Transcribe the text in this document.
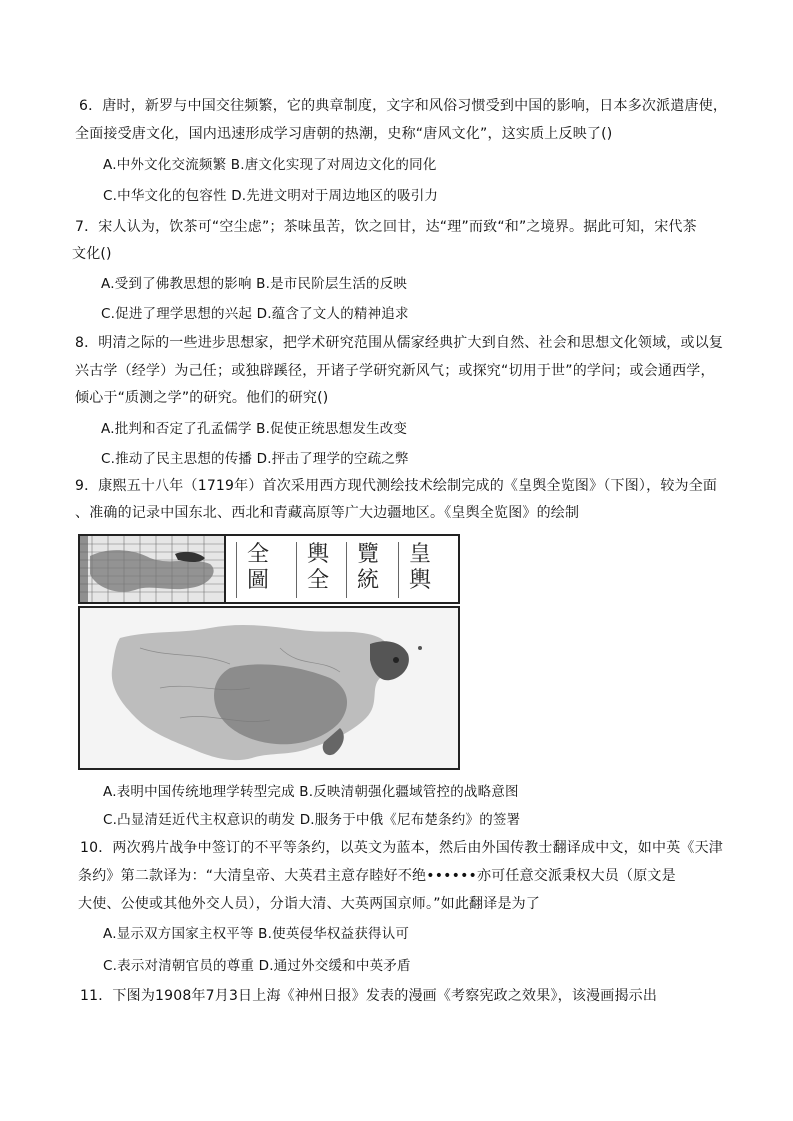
6．唐时，新罗与中国交往频繁，它的典章制度，文字和风俗习惯受到中国的影响，日本多次派遣唐使，
全面接受唐文化，国内迅速形成学习唐朝的热潮，史称“唐风文化”，这实质上反映了()
A.中外文化交流频繁 B.唐文化实现了对周边文化的同化
C.中华文化的包容性 D.先进文明对于周边地区的吸引力
7．宋人认为，饮茶可“空尘虑”；茶味虽苦，饮之回甘，达“理”而致“和”之境界。据此可知，宋代茶
文化()
A.受到了佛教思想的影响 B.是市民阶层生活的反映
C.促进了理学思想的兴起 D.蕴含了文人的精神追求
8．明清之际的一些进步思想家，把学术研究范围从儒家经典扩大到自然、社会和思想文化领域，或以复
兴古学（经学）为己任；或独辟蹊径，开诸子学研究新风气；或探究“切用于世”的学问；或会通西学，
倾心于“质测之学”的研究。他们的研究()
A.批判和否定了孔孟儒学 B.促使正统思想发生改变
C.推动了民主思想的传播 D.抨击了理学的空疏之弊
9．康熙五十八年（1719年）首次采用西方现代测绘技术绘制完成的《皇舆全览图》（下图），较为全面
、准确的记录中国东北、西北和青藏高原等广大边疆地区。《皇舆全览图》的绘制
全
圖
輿
全
覽
統
皇
輿
A.表明中国传统地理学转型完成 B.反映清朝强化疆域管控的战略意图
C.凸显清廷近代主权意识的萌发 D.服务于中俄《尼布楚条约》的签署
10．两次鸦片战争中签订的不平等条约，以英文为蓝本，然后由外国传教士翻译成中文，如中英《天津
条约》第二款译为：“大清皇帝、大英君主意存睦好不绝••••••亦可任意交派秉权大员（原文是
大使、公使或其他外交人员），分诣大清、大英两国京师。”如此翻译是为了
A.显示双方国家主权平等 B.使英侵华权益获得认可
C.表示对清朝官员的尊重 D.通过外交缓和中英矛盾
11．下图为1908年7月3日上海《神州日报》发表的漫画《考察宪政之效果》，该漫画揭示出
